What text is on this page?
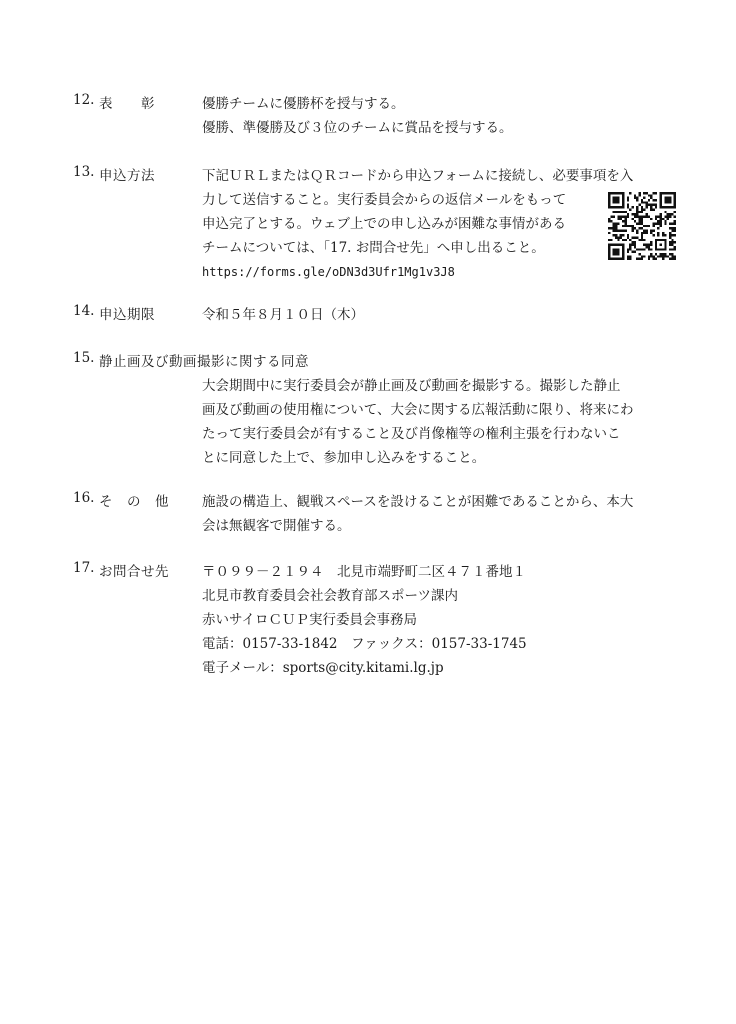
12. 表　　彰	優勝チームに優勝杯を授与する。
優勝、準優勝及び３位のチームに賞品を授与する。
13. 申込方法	下記ＵＲＬまたはＱＲコードから申込フォームに接続し、必要事項を入
力して送信すること。実行委員会からの返信メールをもって
申込完了とする。ウェブ上での申し込みが困難な事情がある
チームについては、「17. お問合せ先」へ申し出ること。
https://forms.gle/oDN3d3Ufr1Mg1v3J8
14. 申込期限	令和５年８月１０日（木）
15. 静止画及び動画撮影に関する同意
大会期間中に実行委員会が静止画及び動画を撮影する。撮影した静止
画及び動画の使用権について、大会に関する広報活動に限り、将来にわ
たって実行委員会が有すること及び肖像権等の権利主張を行わないこ
とに同意した上で、参加申し込みをすること。
16. そ　の　他 施設の構造上、観戦スペースを設けることが困難であることから、本大
会は無観客で開催する。
17. お問合せ先 〒０９９－２１９４　北見市端野町二区４７１番地１
北見市教育委員会社会教育部スポーツ課内
赤いサイロＣＵＰ実行委員会事務局
電話：0157-33-1842　ファックス：0157-33-1745
電子メール：sports@city.kitami.lg.jp
